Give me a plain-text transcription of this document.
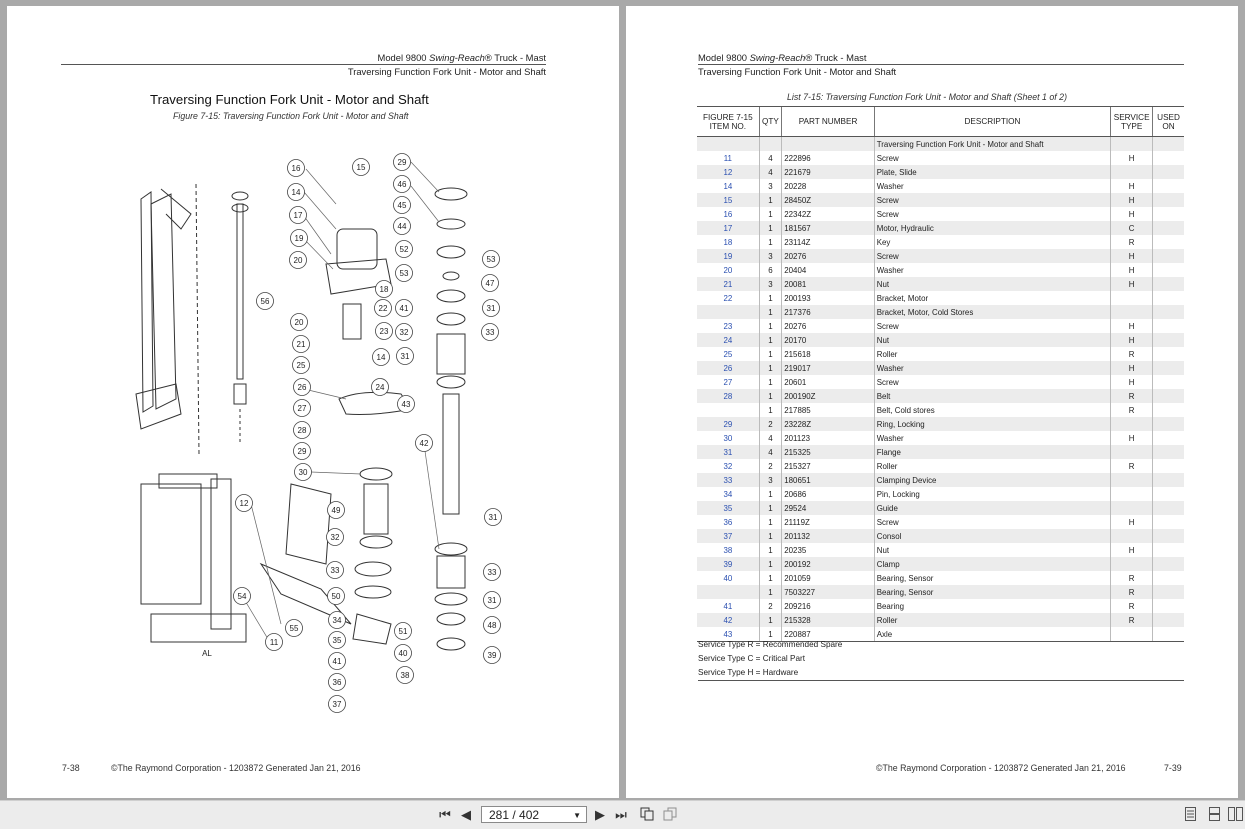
Model 9800 Swing-Reach® Truck - Mast
Traversing Function Fork Unit - Motor and Shaft
Traversing Function Fork Unit - Motor and Shaft
Figure 7-15: Traversing Function Fork Unit - Motor and Shaft
16	15
29
14
46
17
45
44
19
52
20
53
53
47
18
56
22 41	31
20
23 32	33
21
14 31
25
24
26
43
27
28
42
29
30
12
49
31
32
33	33
54	50	31
34
51
48
55
11	35
40
41
39
38
36
37
AL
7-38	©The Raymond Corporation - 1203872 Generated Jan 21, 2016
Model 9800 Swing-Reach® Truck - Mast
Traversing Function Fork Unit - Motor and Shaft
List 7-15: Traversing Function Fork Unit - Motor and Shaft (Sheet 1 of 2)
FIGURE 7-15
ITEM NO.	QTY	PART NUMBER	DESCRIPTION	SERVICE
TYPE	USED
ON
			Traversing Function Fork Unit - Motor and Shaft		
11	4	222896	Screw	H	
12	4	221679	Plate, Slide		
14	3	20228	Washer	H	
15	1	28450Z	Screw	H	
16	1	22342Z	Screw	H	
17	1	181567	Motor, Hydraulic	C	
18	1	23114Z	Key	R	
19	3	20276	Screw	H	
20	6	20404	Washer	H	
21	3	20081	Nut	H	
22	1	200193	Bracket, Motor		
	1	217376	Bracket, Motor, Cold Stores		
23	1	20276	Screw	H	
24	1	20170	Nut	H	
25	1	215618	Roller	R	
26	1	219017	Washer	H	
27	1	20601	Screw	H	
28	1	200190Z	Belt	R	
	1	217885	Belt, Cold stores	R	
29	2	23228Z	Ring, Locking		
30	4	201123	Washer	H	
31	4	215325	Flange		
32	2	215327	Roller	R	
33	3	180651	Clamping Device		
34	1	20686	Pin, Locking		
35	1	29524	Guide		
36	1	21119Z	Screw	H	
37	1	201132	Consol		
38	1	20235	Nut	H	
39	1	200192	Clamp		
40	1	201059	Bearing, Sensor	R	
	1	7503227	Bearing, Sensor	R	
41	2	209216	Bearing	R	
42	1	215328	Roller	R	
43	1	220887	Axle		
Service Type R = Recommended Spare
Service Type C = Critical Part
Service Type H = Hardware
©The Raymond Corporation - 1203872 Generated Jan 21, 2016	7-39
⏮ ◀ 281 / 402	▼ ▶ ⏭
